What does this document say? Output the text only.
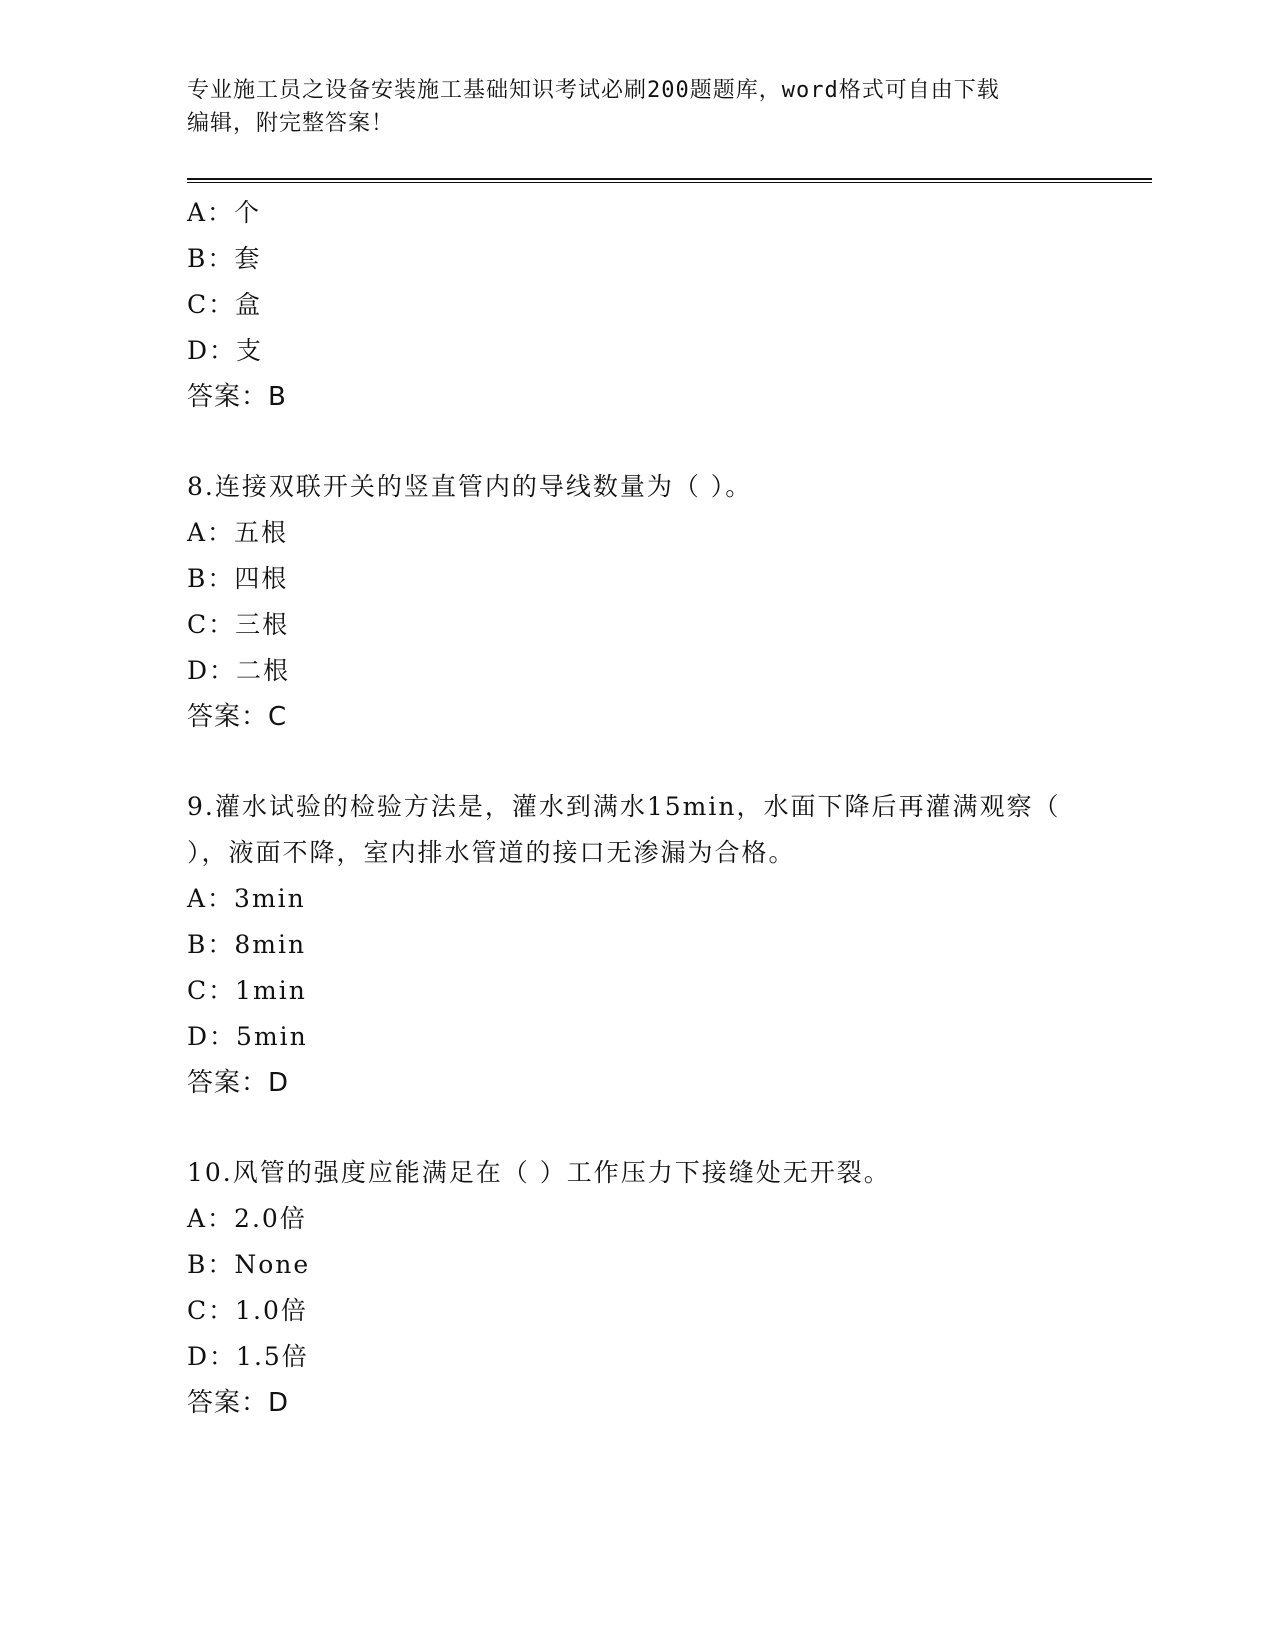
专业施工员之设备安装施工基础知识考试必刷200题题库，word格式可自由下载
编辑，附完整答案！
A：个
B：套
C：盒
D：支
答案：B
8.连接双联开关的竖直管内的导线数量为（ ）。
A：五根
B：四根
C：三根
D：二根
答案：C
9.灌水试验的检验方法是，灌水到满水15min，水面下降后再灌满观察（ ），液面不降，室内排水管道的接口无渗漏为合格。
A：3min
B：8min
C：1min
D：5min
答案：D
10.风管的强度应能满足在（ ）工作压力下接缝处无开裂。
A：2.0倍
B：None
C：1.0倍
D：1.5倍
答案：D
